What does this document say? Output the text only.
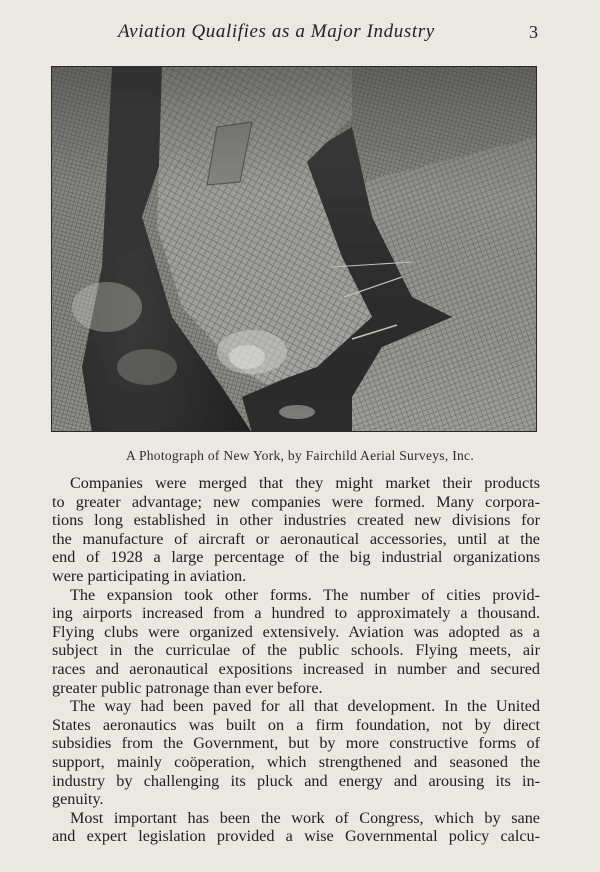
Aviation Qualifies as a Major Industry	3
A Photograph of New York, by Fairchild Aerial Surveys, Inc.

Companies were merged that they might market their products
to greater advantage; new companies were formed. Many corpora-
tions long established in other industries created new divisions for
the manufacture of aircraft or aeronautical accessories, until at the
end of 1928 a large percentage of the big industrial organizations
were participating in aviation.

The expansion took other forms. The number of cities provid-
ing airports increased from a hundred to approximately a thousand.
Flying clubs were organized extensively. Aviation was adopted as a
subject in the curriculae of the public schools. Flying meets, air
races and aeronautical expositions increased in number and secured
greater public patronage than ever before.

The way had been paved for all that development. In the United
States aeronautics was built on a firm foundation, not by direct
subsidies from the Government, but by more constructive forms of
support, mainly coöperation, which strengthened and seasoned the
industry by challenging its pluck and energy and arousing its in-
genuity.

Most important has been the work of Congress, which by sane
and expert legislation provided a wise Governmental policy calcu-
